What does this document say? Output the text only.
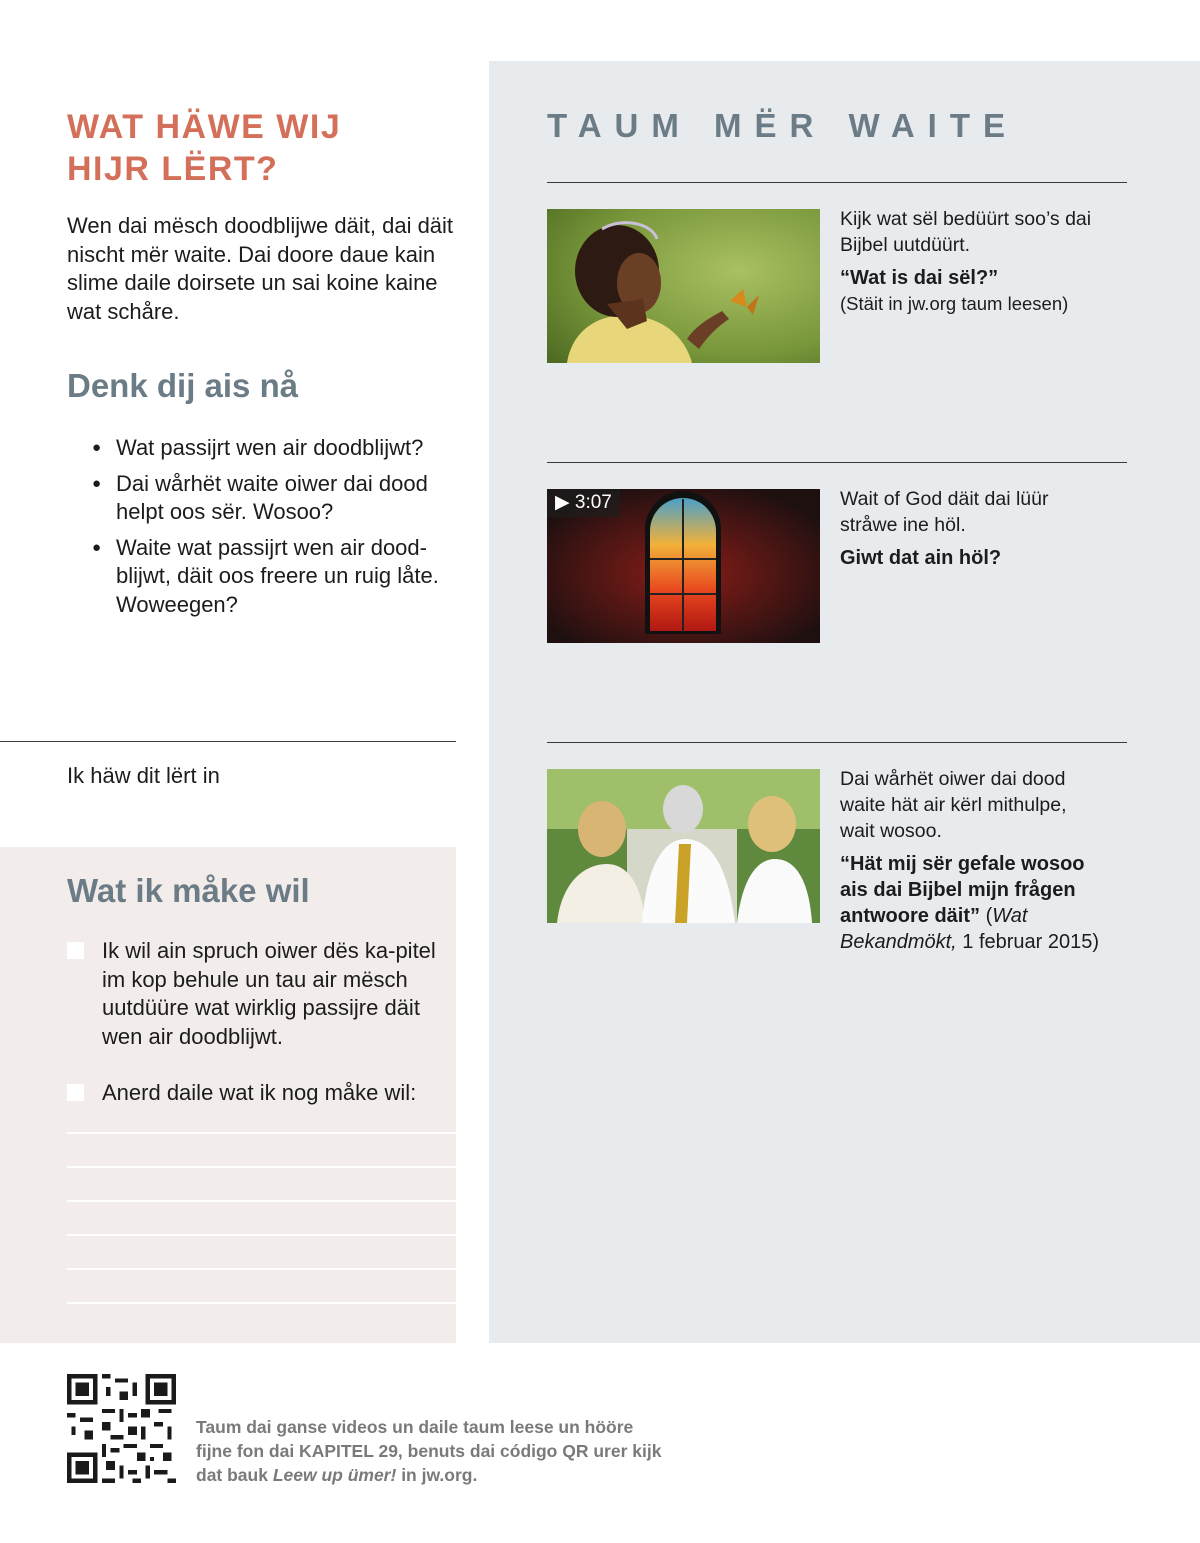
WAT HÄWE WIJ HIJR LËRT?

Wen dai mësch doodblijwe däit, dai däit nischt mër waite. Dai doore daue kain slime daile doirsete un sai koine kaine wat schåre.

Denk dij ais nå
● Wat passijrt wen air doodblijwt?
● Dai wårhët waite oiwer dai dood helpt oos sër. Wosoo?
● Waite wat passijrt wen air dood-blijwt, däit oos freere un ruig låte. Woweegen?
Ik häw dit lërt in
Wat ik måke wil
Ik wil ain spruch oiwer dës ka-pitel im kop behule un tau air mësch uutdüüre wat wirklig passijre däit wen air doodblijwt.
Anerd daile wat ik nog måke wil:
TAUM MËR WAITE
Kijk wat sël bedüürt soo’s dai Bijbel uutdüürt.
“Wat is dai sël?”
(Stäit in jw.org taum leesen)
▶ 3:07	Wait of God däit dai lüür stråwe ine höl.
Giwt dat ain höl?
Dai wårhët oiwer dai dood waite hät air kërl mithulpe, wait wosoo.
“Hät mij sër gefale wosoo ais dai Bijbel mijn frågen antwoore däit” (Wat Bekandmökt, 1 februar 2015)

Taum dai ganse videos un daile taum leese un hööre fijne fon dai KAPITEL 29, benuts dai código QR urer kijk dat bauk Leew up ümer! in jw.org.
